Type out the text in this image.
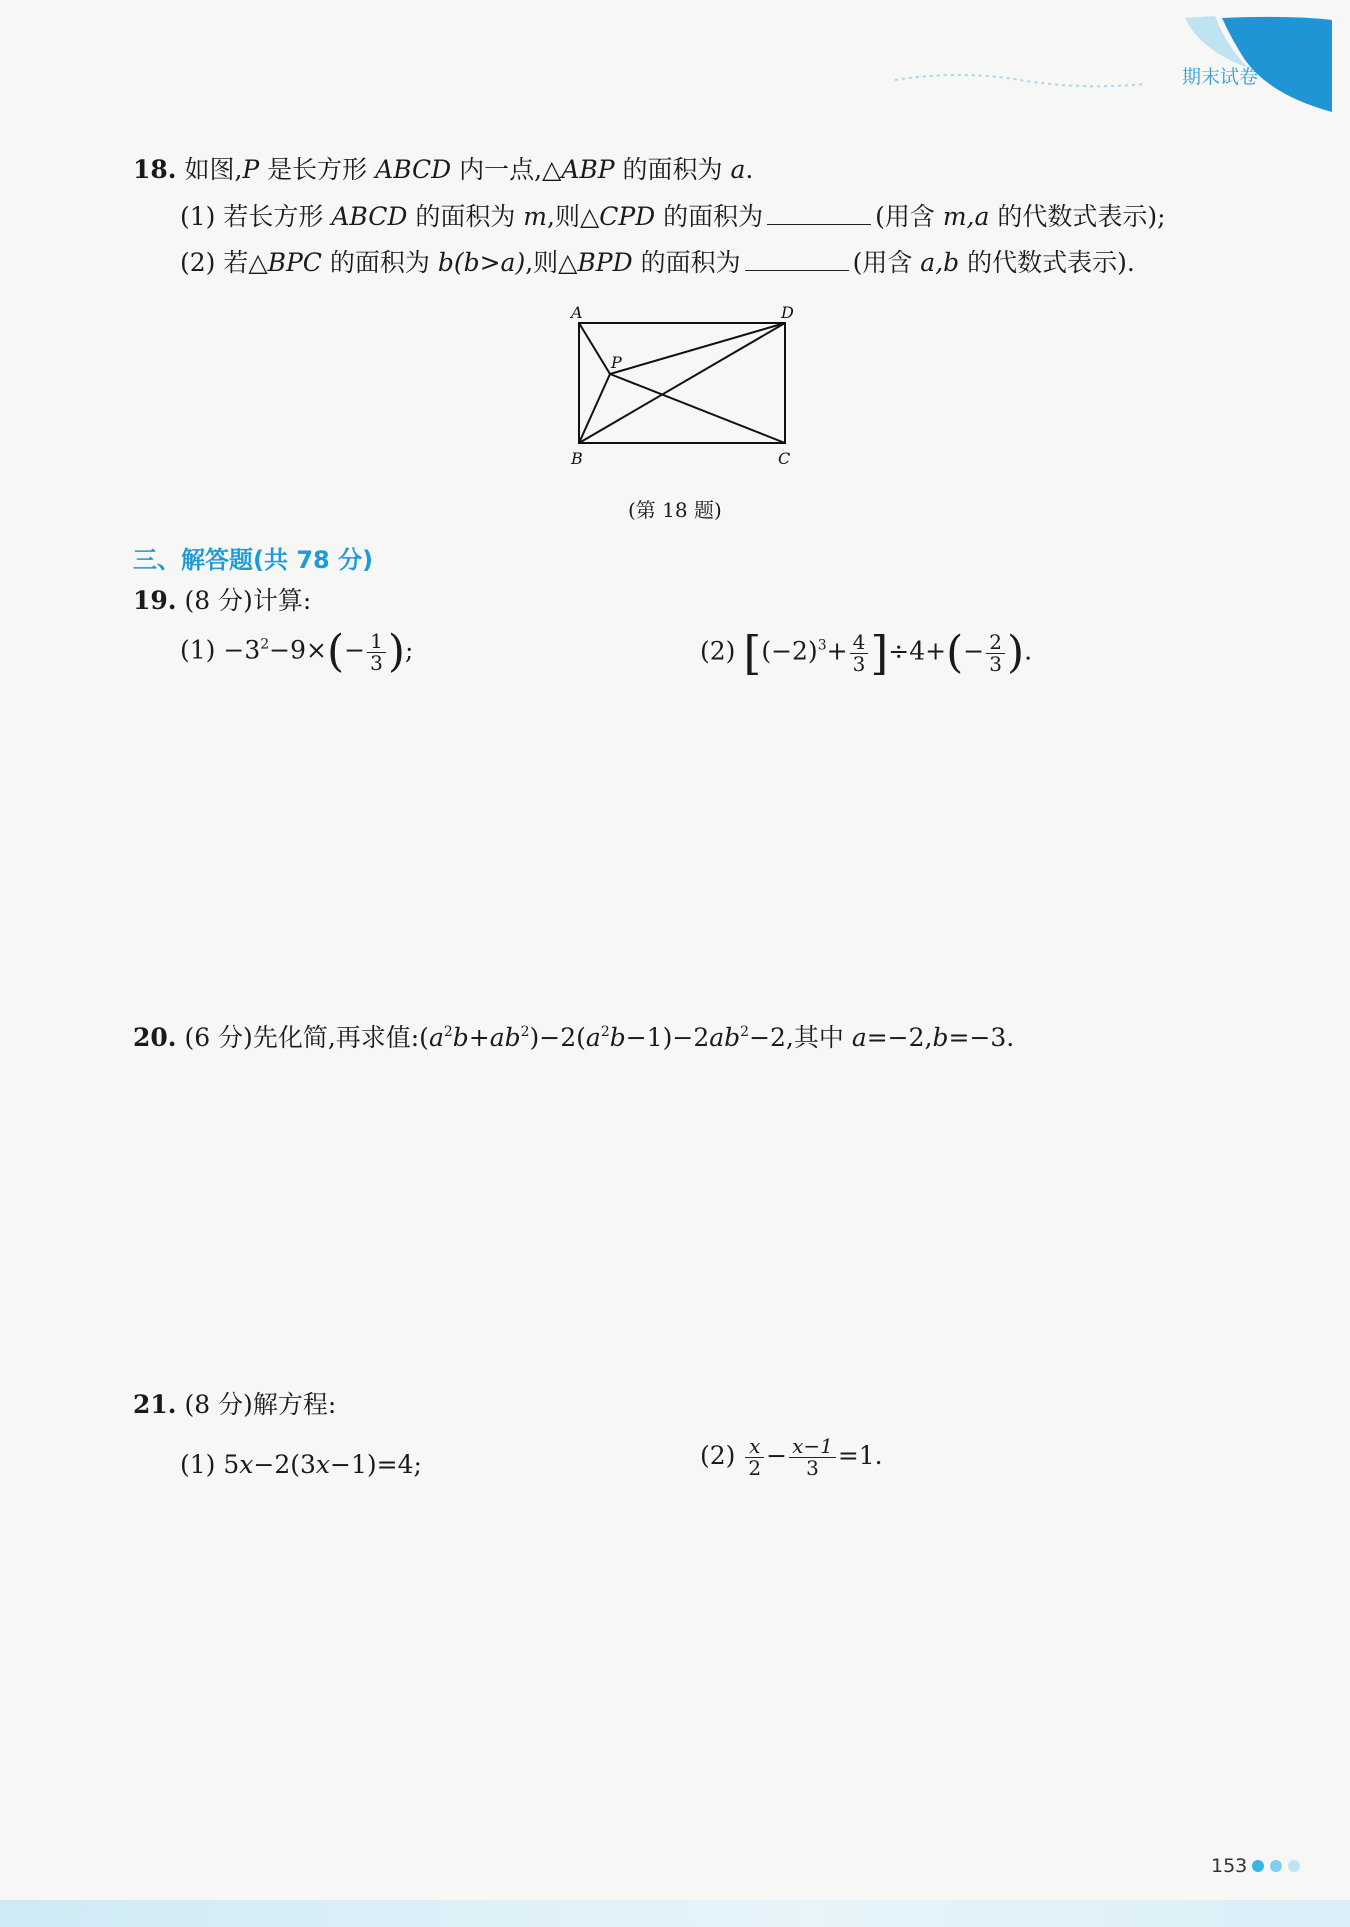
期末试卷
18. 如图,P 是长方形 ABCD 内一点,△ABP 的面积为 a.
(1) 若长方形 ABCD 的面积为 m,则△CPD 的面积为	(用含 m,a 的代数式表示);
(2) 若△BPC 的面积为 b(b>a),则△BPD 的面积为	(用含 a,b 的代数式表示).
A	D
B	C
P
(第 18 题)
三、解答题(共 78 分)
19. (8 分)计算:
$(1) -3^2-9\times(- \frac{1}{3}$ );	(2) $[(-2)^3+ \frac{4}{3} ]\div 4+(- \frac{2}{3}$ ).
20. (6 分)先化简,再求值$:(a^2b+ab^2)-2(a^2b-1)-2ab^2-2$,其中 a=−2,b=−3.
21. (8 分)解方程:
(1) 5x−2(3x−1)=4;	$(2) \frac{x}{2} - \frac{x-1}{3} =1$.
153
